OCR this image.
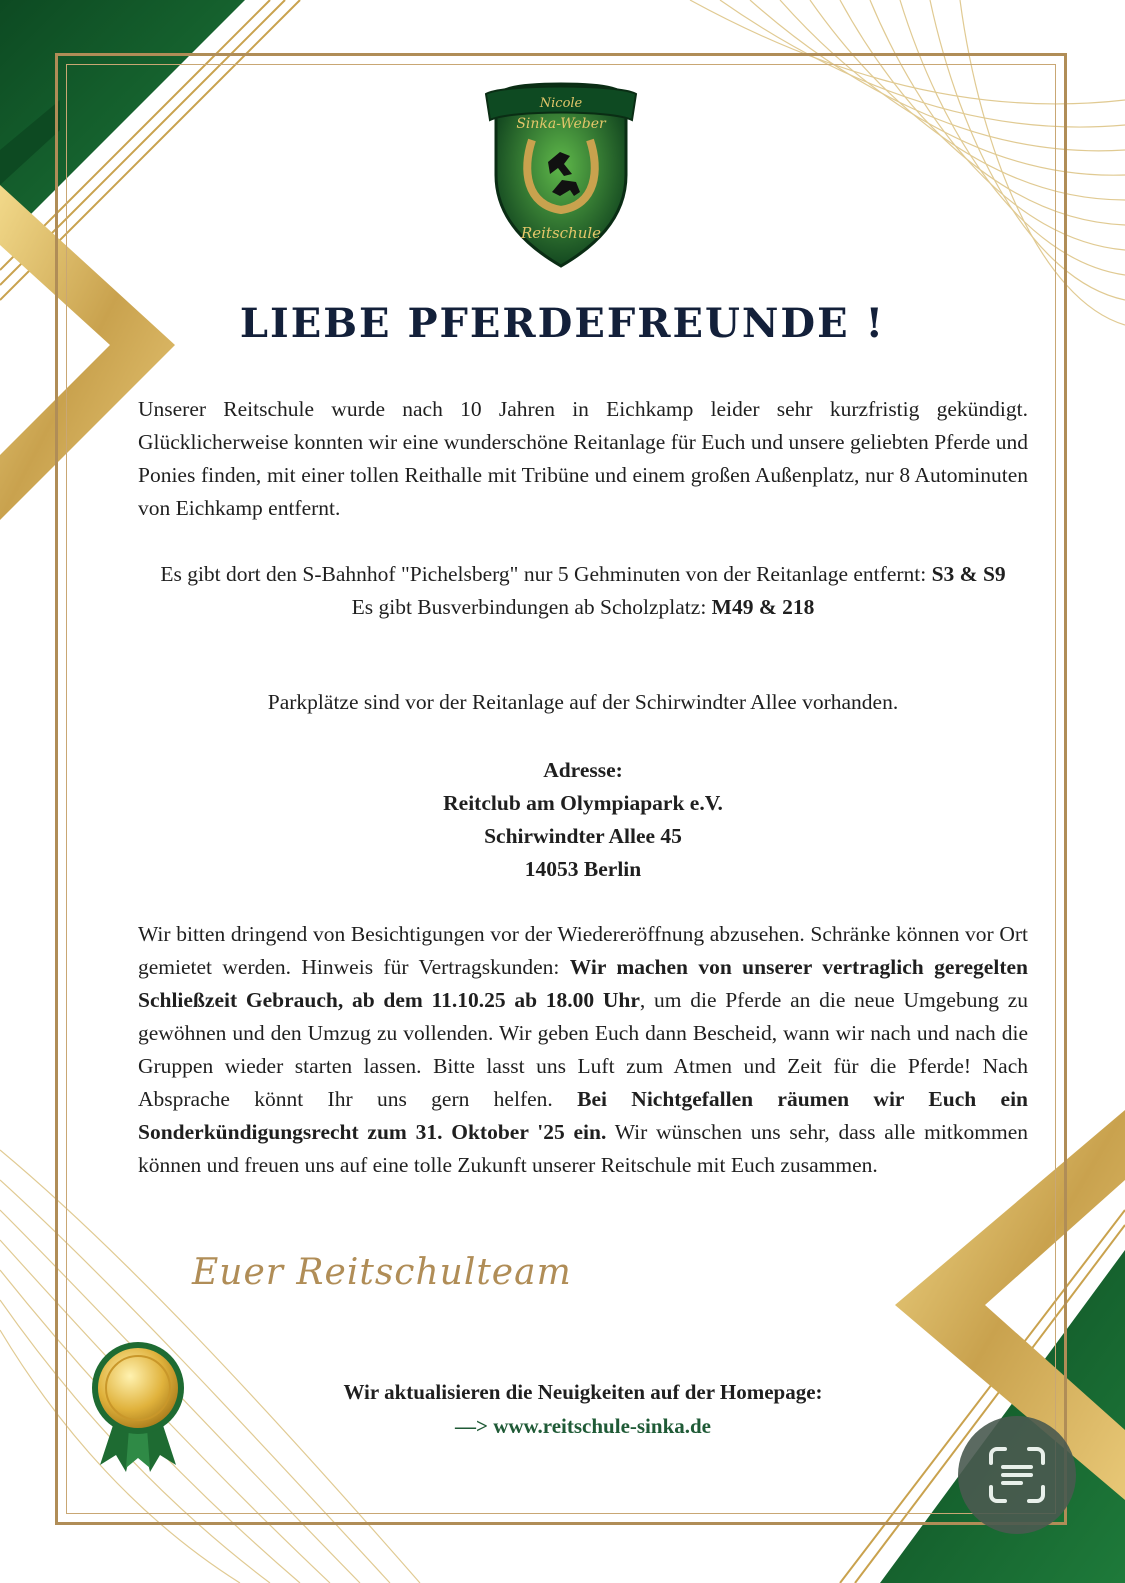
Nicole
Sinka-Weber
Reitschule
LIEBE PFERDEFREUNDE !

Unserer Reitschule wurde nach 10 Jahren in Eichkamp leider sehr kurzfristig gekündigt. Glücklicherweise konnten wir eine wunderschöne Reitanlage für Euch und unsere geliebten Pferde und Ponies finden, mit einer tollen Reithalle mit Tribüne und einem großen Außenplatz, nur 8 Autominuten von Eichkamp entfernt.

Es gibt dort den S-Bahnhof "Pichelsberg" nur 5 Gehminuten von der Reitanlage entfernt: S3 & S9
Es gibt Busverbindungen ab Scholzplatz: M49 & 218

Parkplätze sind vor der Reitanlage auf der Schirwindter Allee vorhanden.

Adresse:
Reitclub am Olympiapark e.V.
Schirwindter Allee 45
14053 Berlin

Wir bitten dringend von Besichtigungen vor der Wiedereröffnung abzusehen. Schränke können vor Ort gemietet werden. Hinweis für Vertragskunden: Wir machen von unserer vertraglich geregelten Schließzeit Gebrauch, ab dem 11.10.25 ab 18.00 Uhr, um die Pferde an die neue Umgebung zu gewöhnen und den Umzug zu vollenden. Wir geben Euch dann Bescheid, wann wir nach und nach die Gruppen wieder starten lassen. Bitte lasst uns Luft zum Atmen und Zeit für die Pferde! Nach Absprache könnt Ihr uns gern helfen. Bei Nichtgefallen räumen wir Euch ein Sonderkündigungsrecht zum 31. Oktober '25 ein. Wir wünschen uns sehr, dass alle mitkommen können und freuen uns auf eine tolle Zukunft unserer Reitschule mit Euch zusammen.

Euer Reitschulteam
Wir aktualisieren die Neuigkeiten auf der Homepage:
—> www.reitschule-sinka.de
